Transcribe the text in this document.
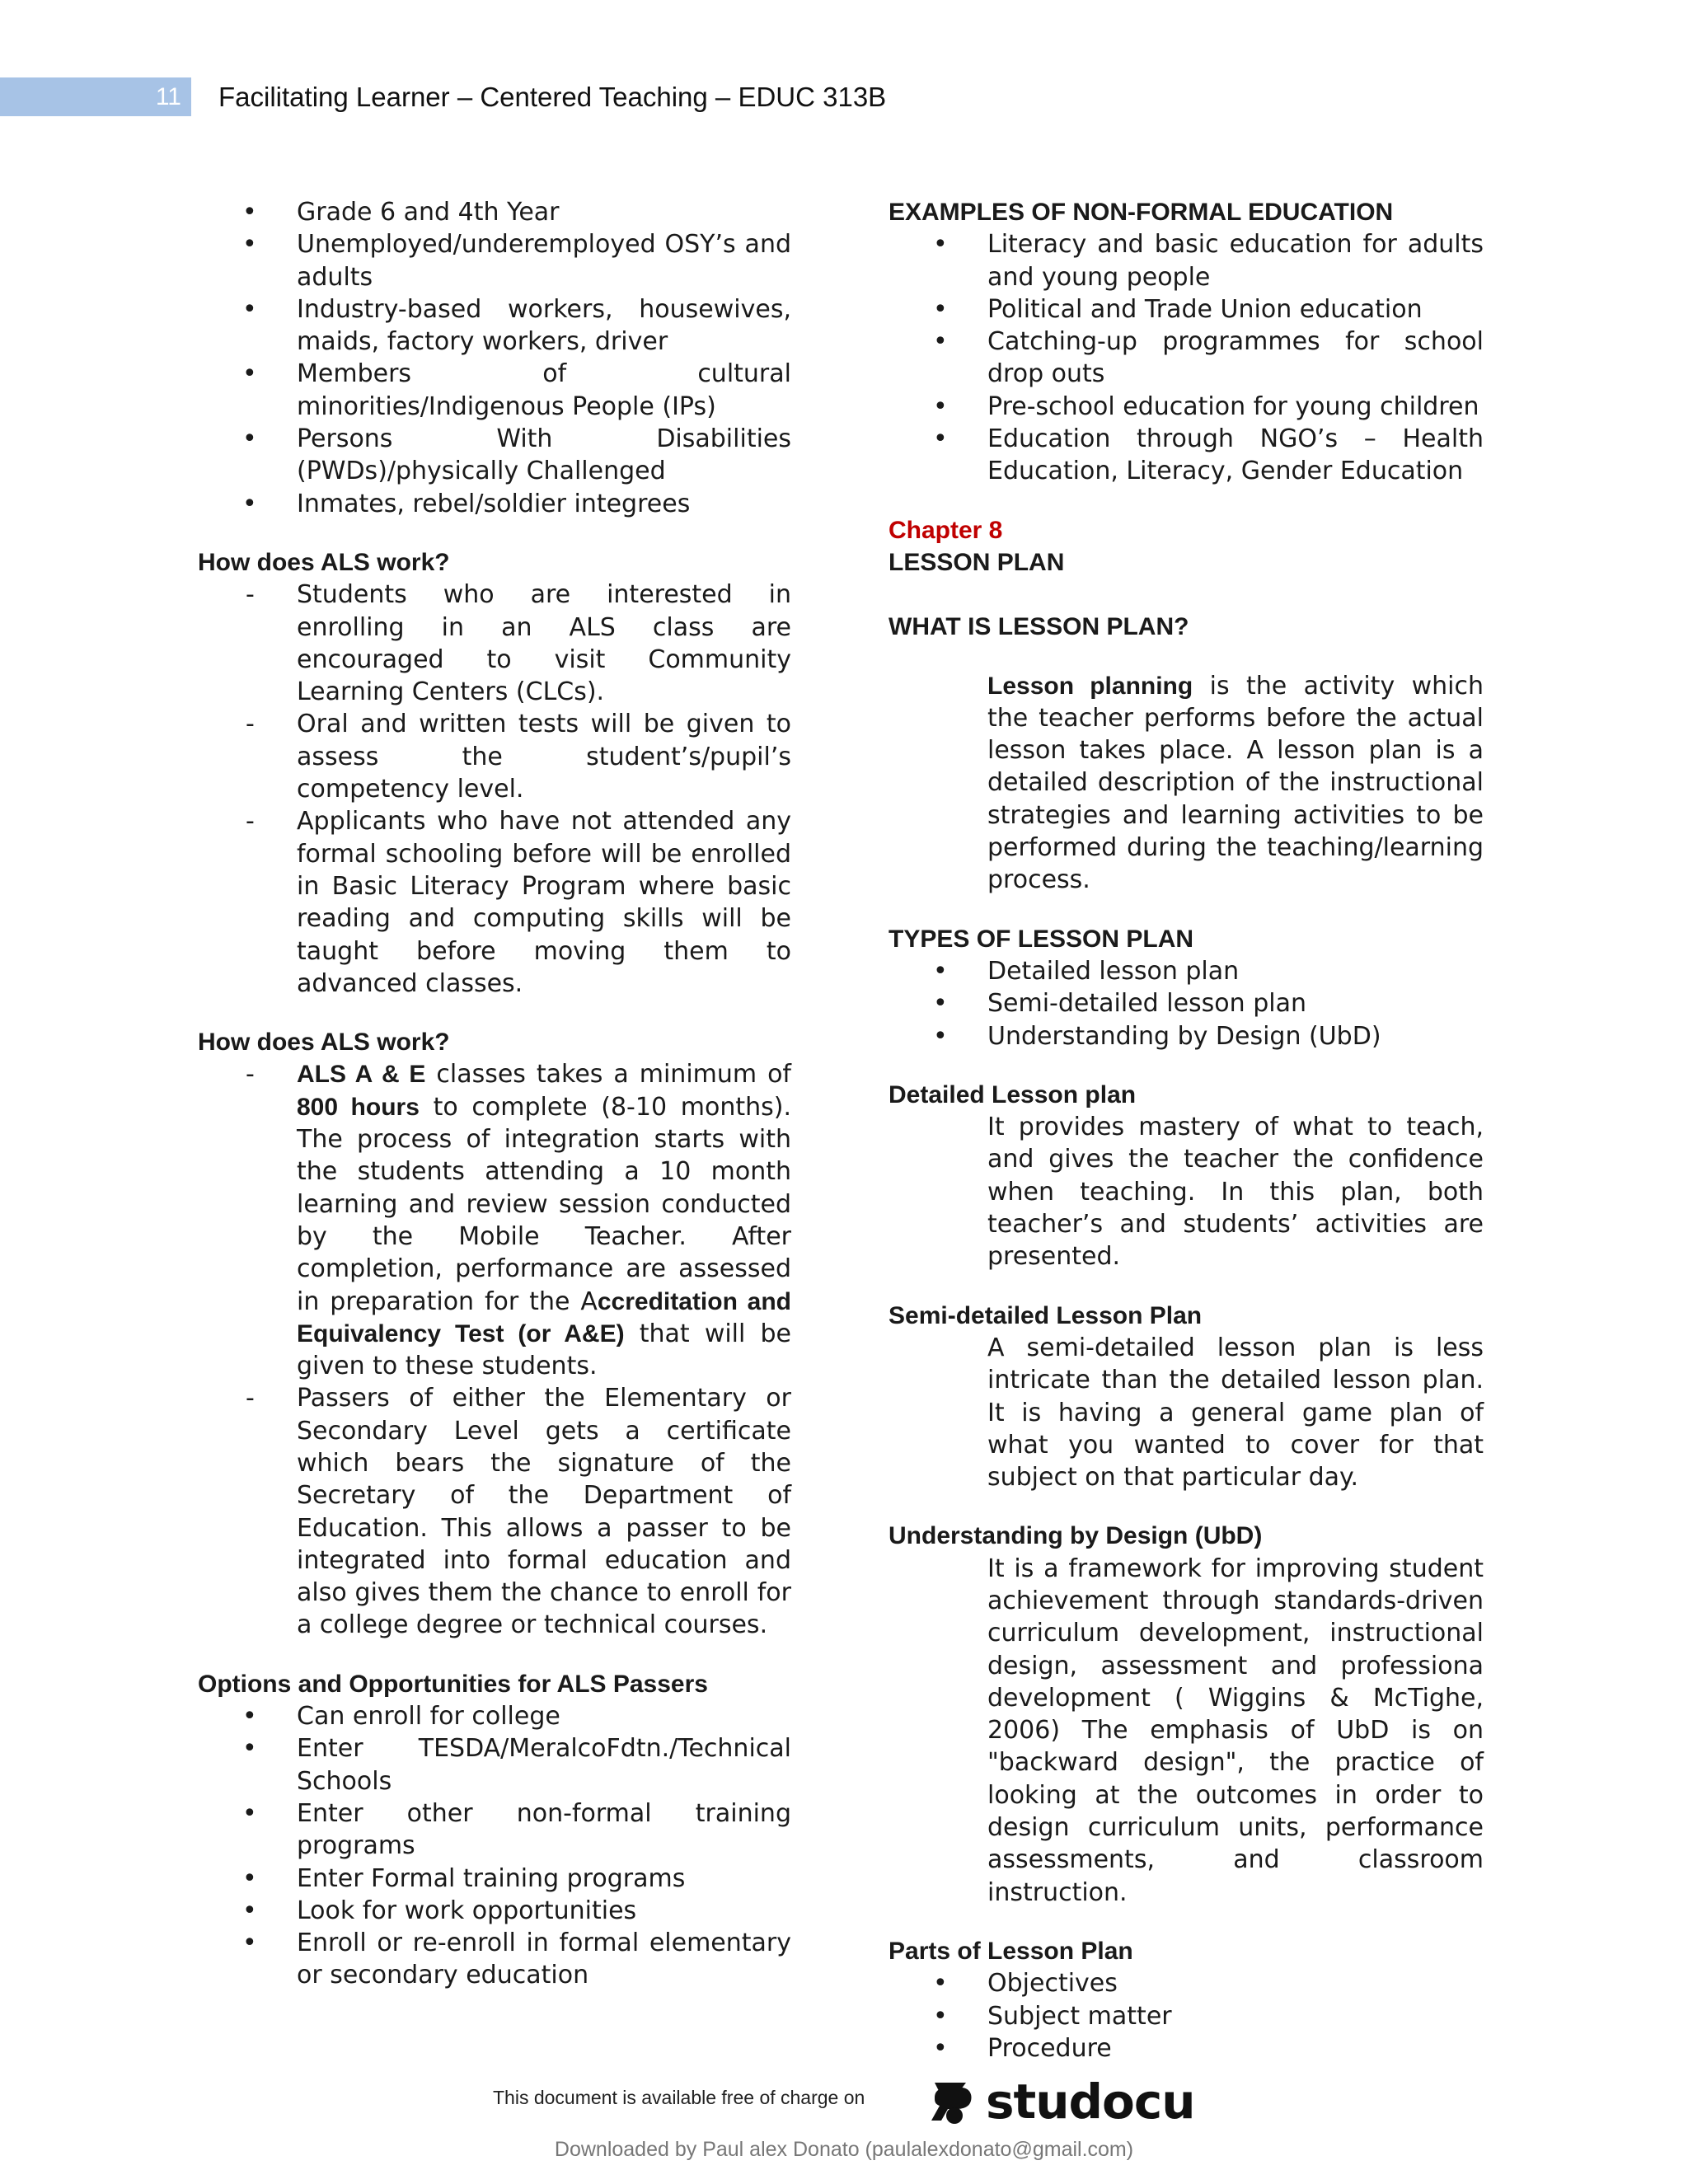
11	Facilitating Learner – Centered Teaching – EDUC 313B
• Grade 6 and 4th Year
• Unemployed/underemployed OSY’s and adults
• Industry-based workers, housewives, maids, factory workers, driver
• Members of cultural minorities/Indigenous People (IPs)
• Persons With Disabilities (PWDs)/physically Challenged
• Inmates, rebel/soldier integrees
How does ALS work?
- Students who are interested in enrolling in an ALS class are encouraged to visit Community Learning Centers (CLCs).
- Oral and written tests will be given to assess the student’s/pupil’s competency level.
- Applicants who have not attended any formal schooling before will be enrolled in Basic Literacy Program where basic reading and computing skills will be taught before moving them to advanced classes.
How does ALS work?
- ALS A & E classes takes a minimum of 800 hours to complete (8-10 months). The process of integration starts with the students attending a 10 month learning and review session conducted by the Mobile Teacher. After completion, performance are assessed in preparation for the Accreditation and Equivalency Test (or A&E) that will be given to these students.
- Passers of either the Elementary or Secondary Level gets a certificate which bears the signature of the Secretary of the Department of Education. This allows a passer to be integrated into formal education and also gives them the chance to enroll for a college degree or technical courses.
Options and Opportunities for ALS Passers
• Can enroll for college
• Enter TESDA/MeralcoFdtn./Technical Schools
• Enter other non-formal training programs
• Enter Formal training programs
• Look for work opportunities
• Enroll or re-enroll in formal elementary or secondary education
EXAMPLES OF NON-FORMAL EDUCATION
• Literacy and basic education for adults and young people
• Political and Trade Union education
• Catching-up programmes for school drop outs
• Pre-school education for young children
• Education through NGO’s – Health Education, Literacy, Gender Education
Chapter 8
LESSON PLAN
WHAT IS LESSON PLAN?
Lesson planning is the activity which the teacher performs before the actual lesson takes place. A lesson plan is a detailed description of the instructional strategies and learning activities to be performed during the teaching/learning process.
TYPES OF LESSON PLAN
• Detailed lesson plan
• Semi-detailed lesson plan
• Understanding by Design (UbD)
Detailed Lesson plan
It provides mastery of what to teach, and gives the teacher the confidence when teaching. In this plan, both teacher’s and students’ activities are presented.
Semi-detailed Lesson Plan
A semi-detailed lesson plan is less intricate than the detailed lesson plan. It is having a general game plan of what you wanted to cover for that subject on that particular day.
Understanding by Design (UbD)
It is a framework for improving student achievement through standards-driven curriculum development, instructional design, assessment and professiona development ( Wiggins & McTighe, 2006) The emphasis of UbD is on "backward design", the practice of looking at the outcomes in order to design curriculum units, performance assessments, and classroom instruction.
Parts of Lesson Plan
• Objectives
• Subject matter
• Procedure
This document is available free of charge on	studocu
Downloaded by Paul alex Donato (paulalexdonato@gmail.com)
